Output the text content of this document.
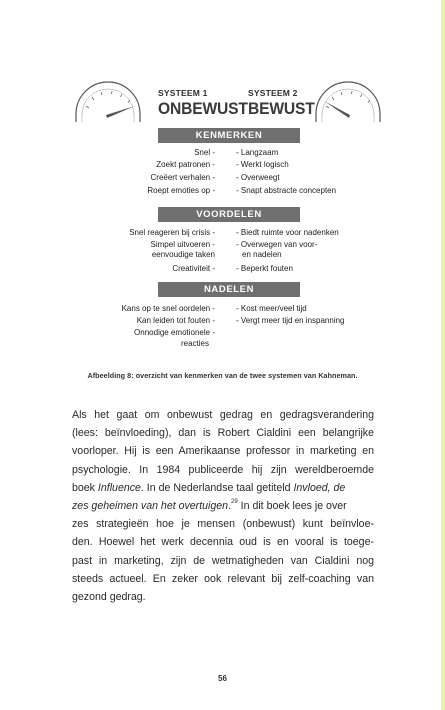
SYSTEEM 1
ONBEWUST
SYSTEEM 2
BEWUST
KENMERKEN
Snel -	- Langzaam
Zoekt patronen -	- Werkt logisch
Creëert verhalen -	- Overweegt
Roept emoties op -	- Snapt abstracte concepten
VOORDELEN
Snel reageren bij crisis -	- Biedt ruimte voor nadenken
Simpel uitvoeren -	- Overwegen van voor-
eenvoudige taken	en nadelen
Creativiteit -	- Beperkt fouten
NADELEN
Kans op te snel oordelen -	- Kost meer/veel tijd
Kan leiden tot fouten -	- Vergt meer tijd en inspanning
Onnodige emotionele -
reacties
Afbeelding 8: overzicht van kenmerken van de twee systemen van Kahneman.
Als het gaat om onbewust gedrag en gedragsverandering
(lees: beïnvloeding), dan is Robert Cialdini een belangrijke
voorloper. Hij is een Amerikaanse professor in marketing en
psychologie. In 1984 publiceerde hij zijn wereldberoemde
boek Influence. In de Nederlandse taal getiteld Invloed, de
zes geheimen van het overtuigen.$^{29}$ In dit boek lees je over
zes strategieën hoe je mensen (onbewust) kunt beïnvloe-
den. Hoewel het werk decennia oud is en vooral is toege-
past in marketing, zijn de wetmatigheden van Cialdini nog
steeds actueel. En zeker ook relevant bij zelf-coaching van
gezond gedrag.
56
